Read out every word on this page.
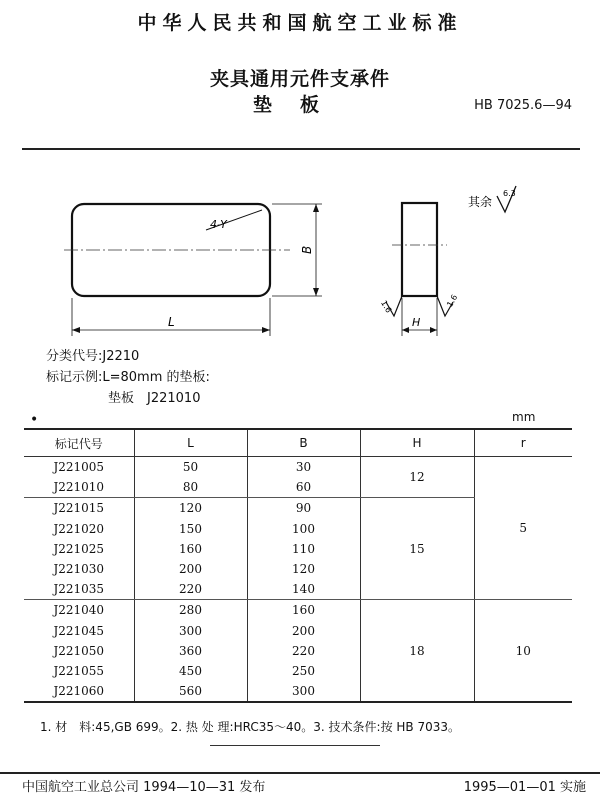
中华人民共和国航空工业标准
夹具通用元件支承件
垫板	HB 7025.6—94
4-Y
B
L	H
1.6	1.6
其余
6.3
分类代号:J2210
标记示例:L=80mm 的垫板:
垫板　J221010
•	mm
标记代号	L	B	H	r
J221005	50	30	12	5
J221010	80	60		
J221015	120	90	15	
J221020	150	100		
J221025	160	110		
J221030	200	120		
J221035	220	140		
J221040	280	160	18	10
J221045	300	200		
J221050	360	220		
J221055	450	250		
J221060	560	300		
1. 材　料:45,GB 699。2. 热 处 理:HRC35～40。3. 技术条件:按 HB 7033。
中国航空工业总公司 1994—10—31 发布	1995—01—01 实施
